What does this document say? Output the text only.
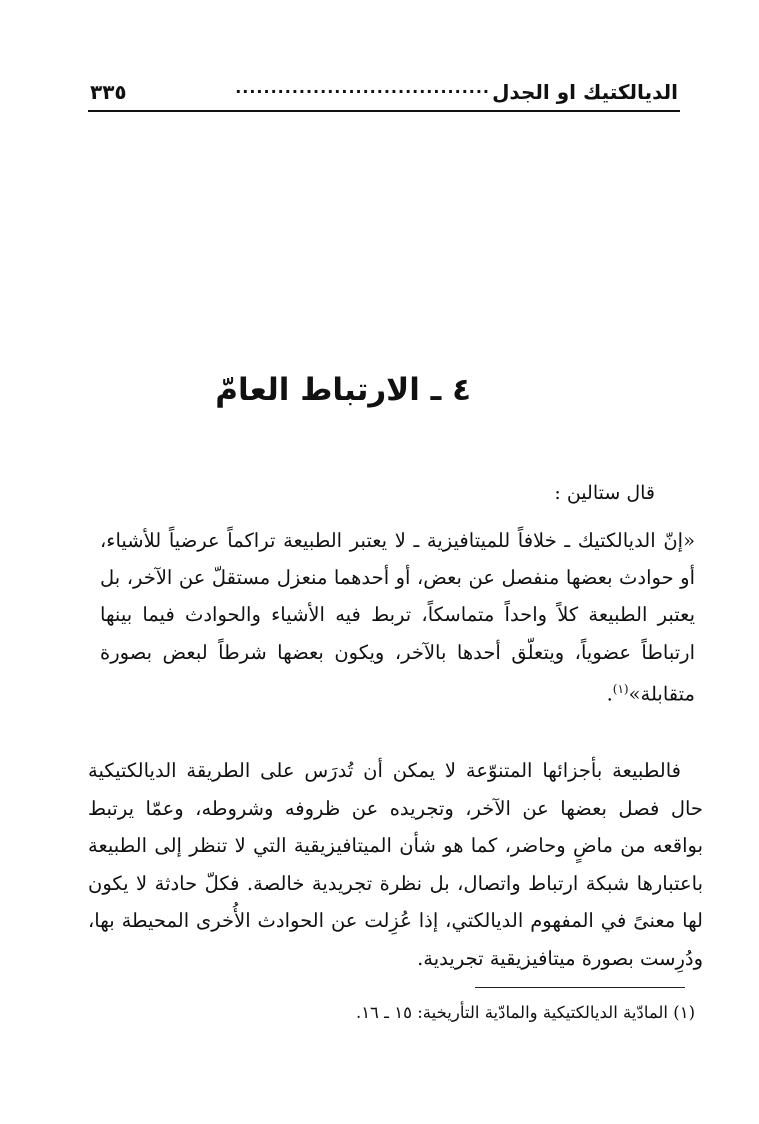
الديالكتيك او الجدل
....................................
٣٣٥
٤ ـ الارتباط العامّ
قال ستالين :
«إنّ الديالكتيك ـ خلافاً للميتافيزية ـ لا يعتبر الطبيعة تراكماً عرضياً للأشياء، أو حوادث بعضها منفصل عن بعض، أو أحدهما منعزل مستقلّ عن الآخر، بل يعتبر الطبيعة كلاً واحداً متماسكاً، تربط فيه الأشياء والحوادث فيما بينها ارتباطاً عضوياً، ويتعلّق أحدها بالآخر، ويكون بعضها شرطاً لبعض بصورة متقابلة»$^{(١)}$.
فالطبيعة بأجزائها المتنوّعة لا يمكن أن تُدرَس على الطريقة الديالكتيكية حال فصل بعضها عن الآخر، وتجريده عن ظروفه وشروطه، وعمّا يرتبط بواقعه من ماضٍ وحاضر، كما هو شأن الميتافيزيقية التي لا تنظر إلى الطبيعة باعتبارها شبكة ارتباط واتصال، بل نظرة تجريدية خالصة. فكلّ حادثة لا يكون لها معنىً في المفهوم الديالكتي، إذا عُزِلت عن الحوادث الأُخرى المحيطة بها، ودُرِست بصورة ميتافيزيقية تجريدية.
(١) المادّية الديالكتيكية والمادّية التأريخية: ١٥ ـ ١٦.
